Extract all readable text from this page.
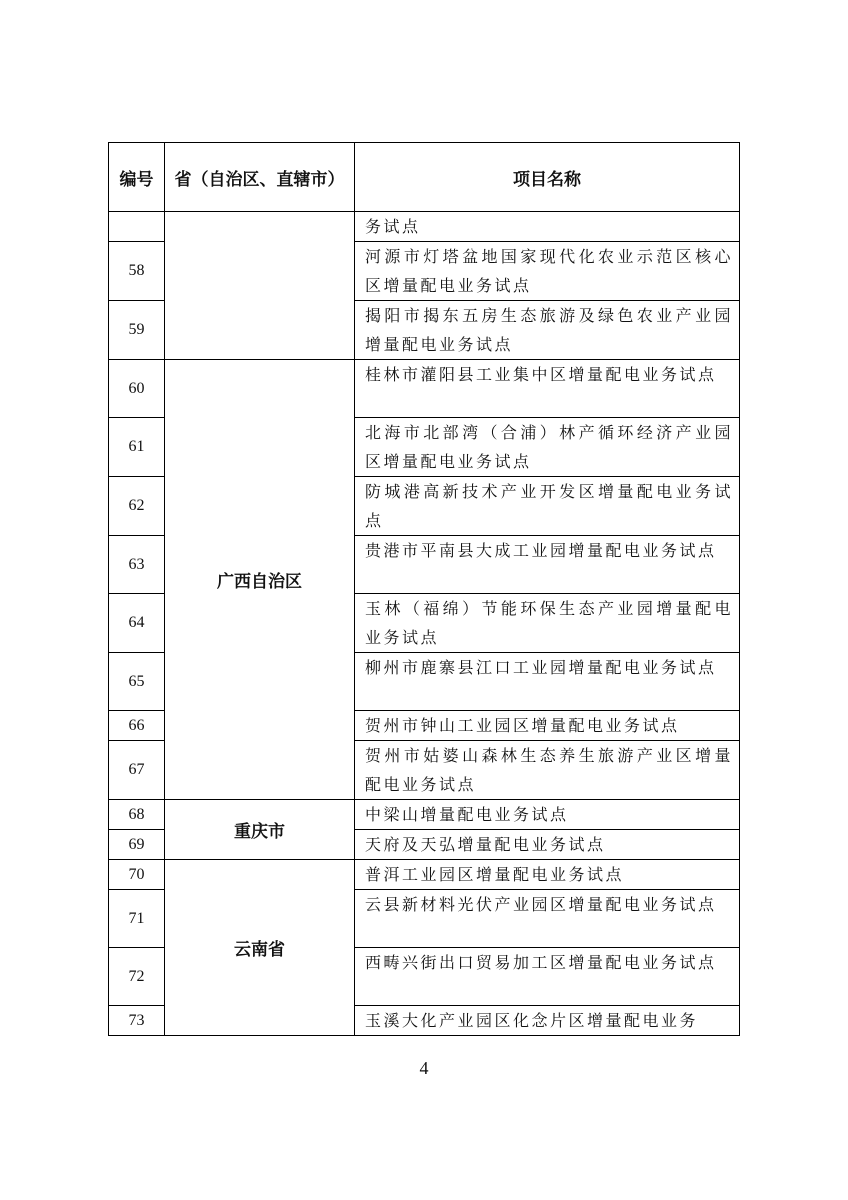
编号	省（自治区、直辖市）	项目名称
		务试点
58		河源市灯塔盆地国家现代化农业示范区核心区增量配电业务试点
59		揭阳市揭东五房生态旅游及绿色农业产业园增量配电业务试点
60	广西自治区	桂林市灌阳县工业集中区增量配电业务试点
61		北海市北部湾（合浦）林产循环经济产业园区增量配电业务试点
62		防城港高新技术产业开发区增量配电业务试点
63		贵港市平南县大成工业园增量配电业务试点
64		玉林（福绵）节能环保生态产业园增量配电业务试点
65		柳州市鹿寨县江口工业园增量配电业务试点
66		贺州市钟山工业园区增量配电业务试点
67		贺州市姑婆山森林生态养生旅游产业区增量配电业务试点
68	重庆市	中梁山增量配电业务试点
69		天府及天弘增量配电业务试点
70	云南省	普洱工业园区增量配电业务试点
71		云县新材料光伏产业园区增量配电业务试点
72		西畴兴街出口贸易加工区增量配电业务试点
73		玉溪大化产业园区化念片区增量配电业务
4
